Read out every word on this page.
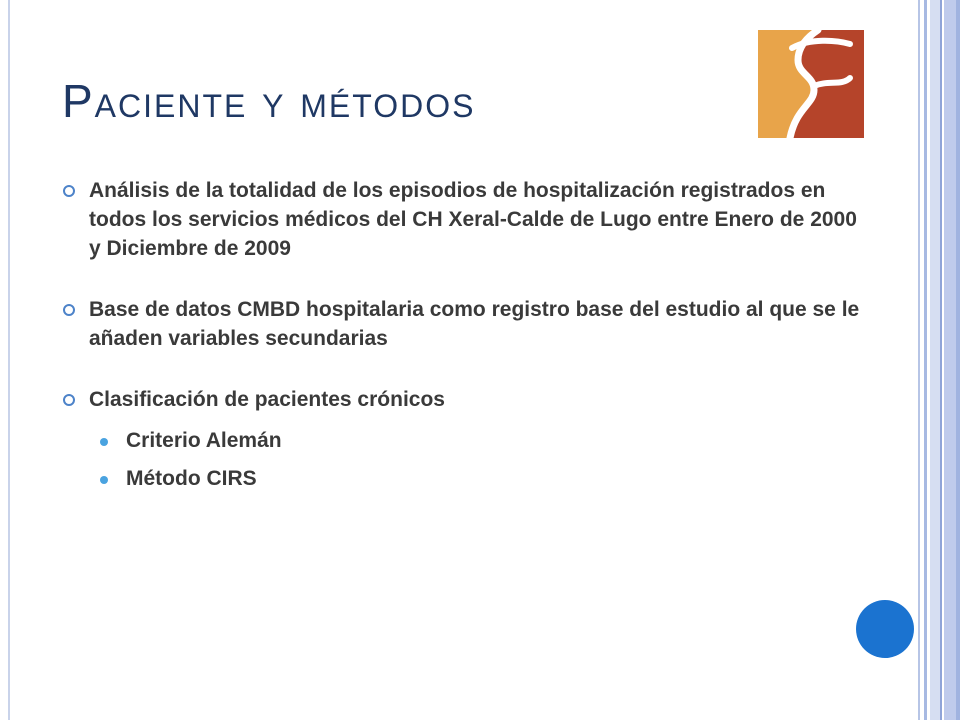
Paciente y métodos
Análisis de la totalidad de los episodios de hospitalización registrados en todos los servicios médicos del CH Xeral-Calde de Lugo entre Enero de 2000 y Diciembre de 2009
Base de datos CMBD hospitalaria como registro base del estudio al que se le añaden variables secundarias
Clasificación de pacientes crónicos
Criterio Alemán
Método CIRS
